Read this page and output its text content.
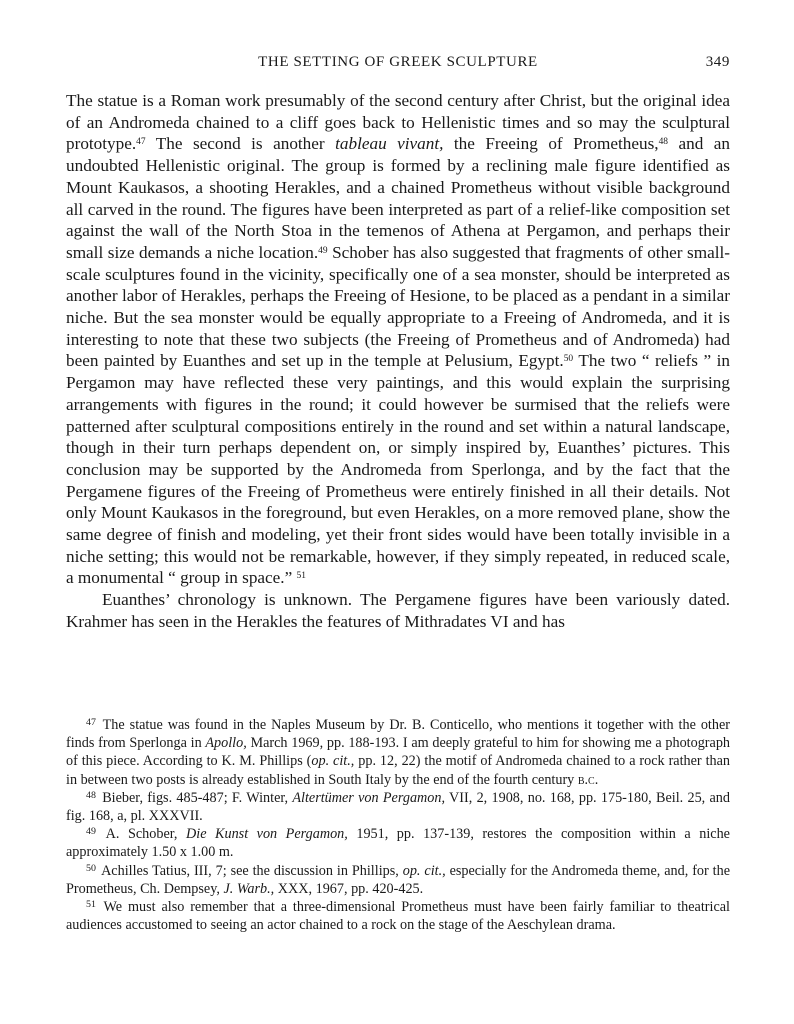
THE SETTING OF GREEK SCULPTURE	349

The statue is a Roman work presumably of the second century after Christ, but the original idea of an Andromeda chained to a cliff goes back to Hellenistic times and so may the sculptural prototype.$^{47}$ The second is another tableau vivant, the Freeing of Prometheus,$^{48}$ and an undoubted Hellenistic original. The group is formed by a reclining male figure identified as Mount Kaukasos, a shooting Herakles, and a chained Prometheus without visible background all carved in the round. The figures have been interpreted as part of a relief-like composition set against the wall of the North Stoa in the temenos of Athena at Pergamon, and perhaps their small size demands a niche location.$^{49}$ Schober has also suggested that fragments of other small-scale sculptures found in the vicinity, specifically one of a sea monster, should be interpreted as another labor of Herakles, perhaps the Freeing of Hesione, to be placed as a pendant in a similar niche. But the sea monster would be equally appropriate to a Freeing of Andromeda, and it is interesting to note that these two subjects (the Freeing of Prometheus and of Andromeda) had been painted by Euanthes and set up in the temple at Pelusium, Egypt.$^{50}$ The two “ reliefs ” in Pergamon may have reflected these very paintings, and this would explain the surprising arrangements with figures in the round; it could however be surmised that the reliefs were patterned after sculptural compositions entirely in the round and set within a natural landscape, though in their turn perhaps dependent on, or simply inspired by, Euanthes’ pictures. This conclusion may be supported by the Andromeda from Sperlonga, and by the fact that the Pergamene figures of the Freeing of Prometheus were entirely finished in all their details. Not only Mount Kaukasos in the foreground, but even Herakles, on a more removed plane, show the same degree of finish and modeling, yet their front sides would have been totally invisible in a niche setting; this would not be remarkable, however, if they simply repeated, in reduced scale, a monumental “ group in space.” $^{51}$

Euanthes’ chronology is unknown. The Pergamene figures have been variously dated. Krahmer has seen in the Herakles the features of Mithradates VI and has

$^{47}$ The statue was found in the Naples Museum by Dr. B. Conticello, who mentions it together with the other finds from Sperlonga in Apollo, March 1969, pp. 188-193. I am deeply grateful to him for showing me a photograph of this piece. According to K. M. Phillips (op. cit., pp. 12, 22) the motif of Andromeda chained to a rock rather than in between two posts is already established in South Italy by the end of the fourth century b.c.

$^{48}$ Bieber, figs. 485-487; F. Winter, Altertümer von Pergamon, VII, 2, 1908, no. 168, pp. 175-180, Beil. 25, and fig. 168, a, pl. XXXVII.

$^{49}$ A. Schober, Die Kunst von Pergamon, 1951, pp. 137-139, restores the composition within a niche approximately 1.50 x 1.00 m.

$^{50}$ Achilles Tatius, III, 7; see the discussion in Phillips, op. cit., especially for the Andromeda theme, and, for the Prometheus, Ch. Dempsey, J. Warb., XXX, 1967, pp. 420-425.

$^{51}$ We must also remember that a three-dimensional Prometheus must have been fairly familiar to theatrical audiences accustomed to seeing an actor chained to a rock on the stage of the Aeschylean drama.
